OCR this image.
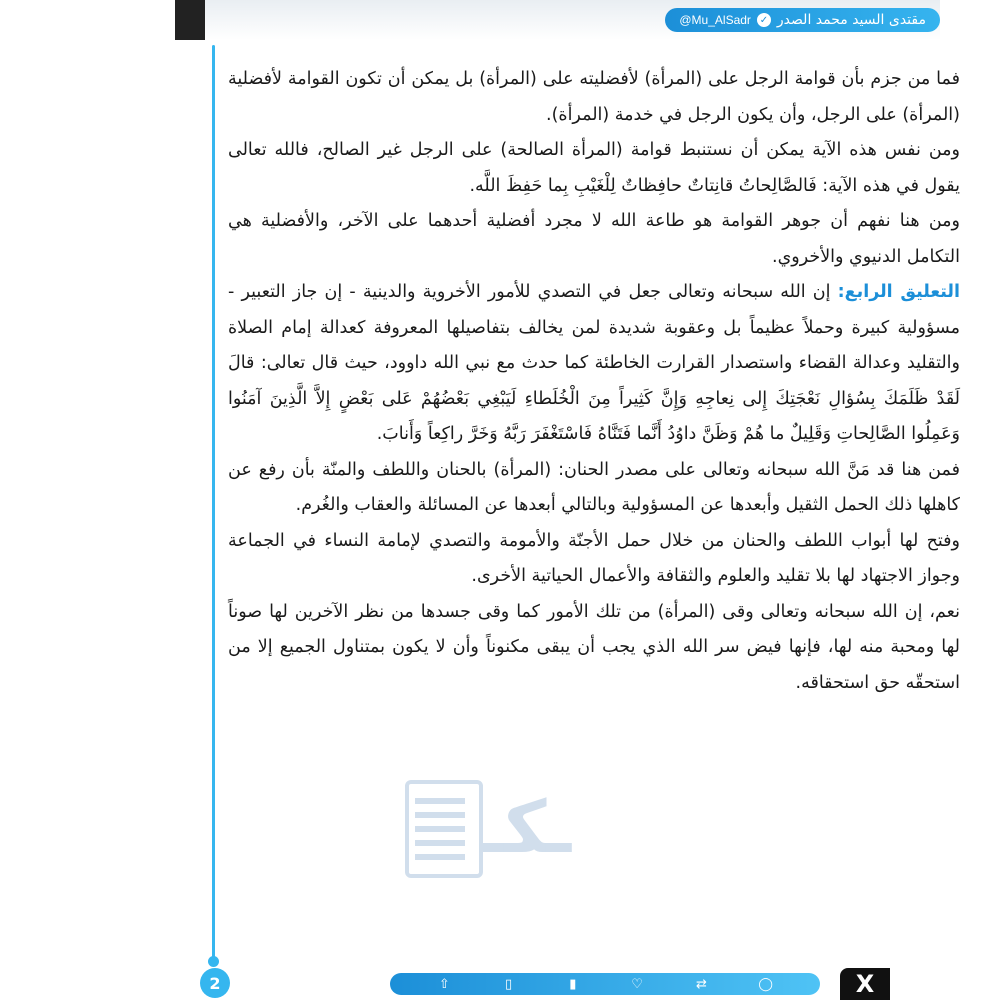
مقتدى السيد محمد الصدر
✓
@Mu_AlSadr
ـكـ

فما من جزم بأن قوامة الرجل على (المرأة) لأفضليته على (المرأة) بل يمكن أن تكون القوامة لأفضلية (المرأة) على الرجل، وأن يكون الرجل في خدمة (المرأة).

ومن نفس هذه الآية يمكن أن نستنبط قوامة (المرأة الصالحة) على الرجل غير الصالح، فالله تعالى يقول في هذه الآية: فَالصَّالِحاتُ قانِتاتٌ حافِظاتٌ لِلْغَيْبِ بِما حَفِظَ اللَّه.

ومن هنا نفهم أن جوهر القوامة هو طاعة الله لا مجرد أفضلية أحدهما على الآخر، والأفضلية هي التكامل الدنيوي والأخروي.

التعليق الرابع: إن الله سبحانه وتعالى جعل في التصدي للأمور الأخروية والدينية - إن جاز التعبير - مسؤولية كبيرة وحملاً عظيماً بل وعقوبة شديدة لمن يخالف بتفاصيلها المعروفة كعدالة إمام الصلاة والتقليد وعدالة القضاء واستصدار القرارت الخاطئة كما حدث مع نبي الله داوود، حيث قال تعالى: قالَ لَقَدْ ظَلَمَكَ بِسُؤالِ نَعْجَتِكَ إِلى نِعاجِهِ وَإِنَّ كَثِيراً مِنَ الْخُلَطاءِ لَيَبْغِي بَعْضُهُمْ عَلى بَعْضٍ إِلاَّ الَّذِينَ آمَنُوا وَعَمِلُوا الصَّالِحاتِ وَقَلِيلٌ ما هُمْ وَظَنَّ داوُدُ أَنَّما فَتَنَّاهُ فَاسْتَغْفَرَ رَبَّهُ وَخَرَّ راكِعاً وَأَنابَ.

فمن هنا قد مَنَّ الله سبحانه وتعالى على مصدر الحنان: (المرأة) بالحنان واللطف والمنّة بأن رفع عن كاهلها ذلك الحمل الثقيل وأبعدها عن المسؤولية وبالتالي أبعدها عن المسائلة والعقاب والغُرم.

وفتح لها أبواب اللطف والحنان من خلال حمل الأجنّة والأمومة والتصدي لإمامة النساء في الجماعة وجواز الاجتهاد لها بلا تقليد والعلوم والثقافة والأعمال الحياتية الأخرى.

نعم، إن الله سبحانه وتعالى وقى (المرأة) من تلك الأمور كما وقى جسدها من نظر الآخرين لها صوناً لها ومحبة منه لها، فإنها فيض سر الله الذي يجب أن يبقى مكنوناً وأن لا يكون بمتناول الجميع إلا من استحقّه حق استحقاقه.

2	⇧	▯	▮	♡	⇄	◯	X
